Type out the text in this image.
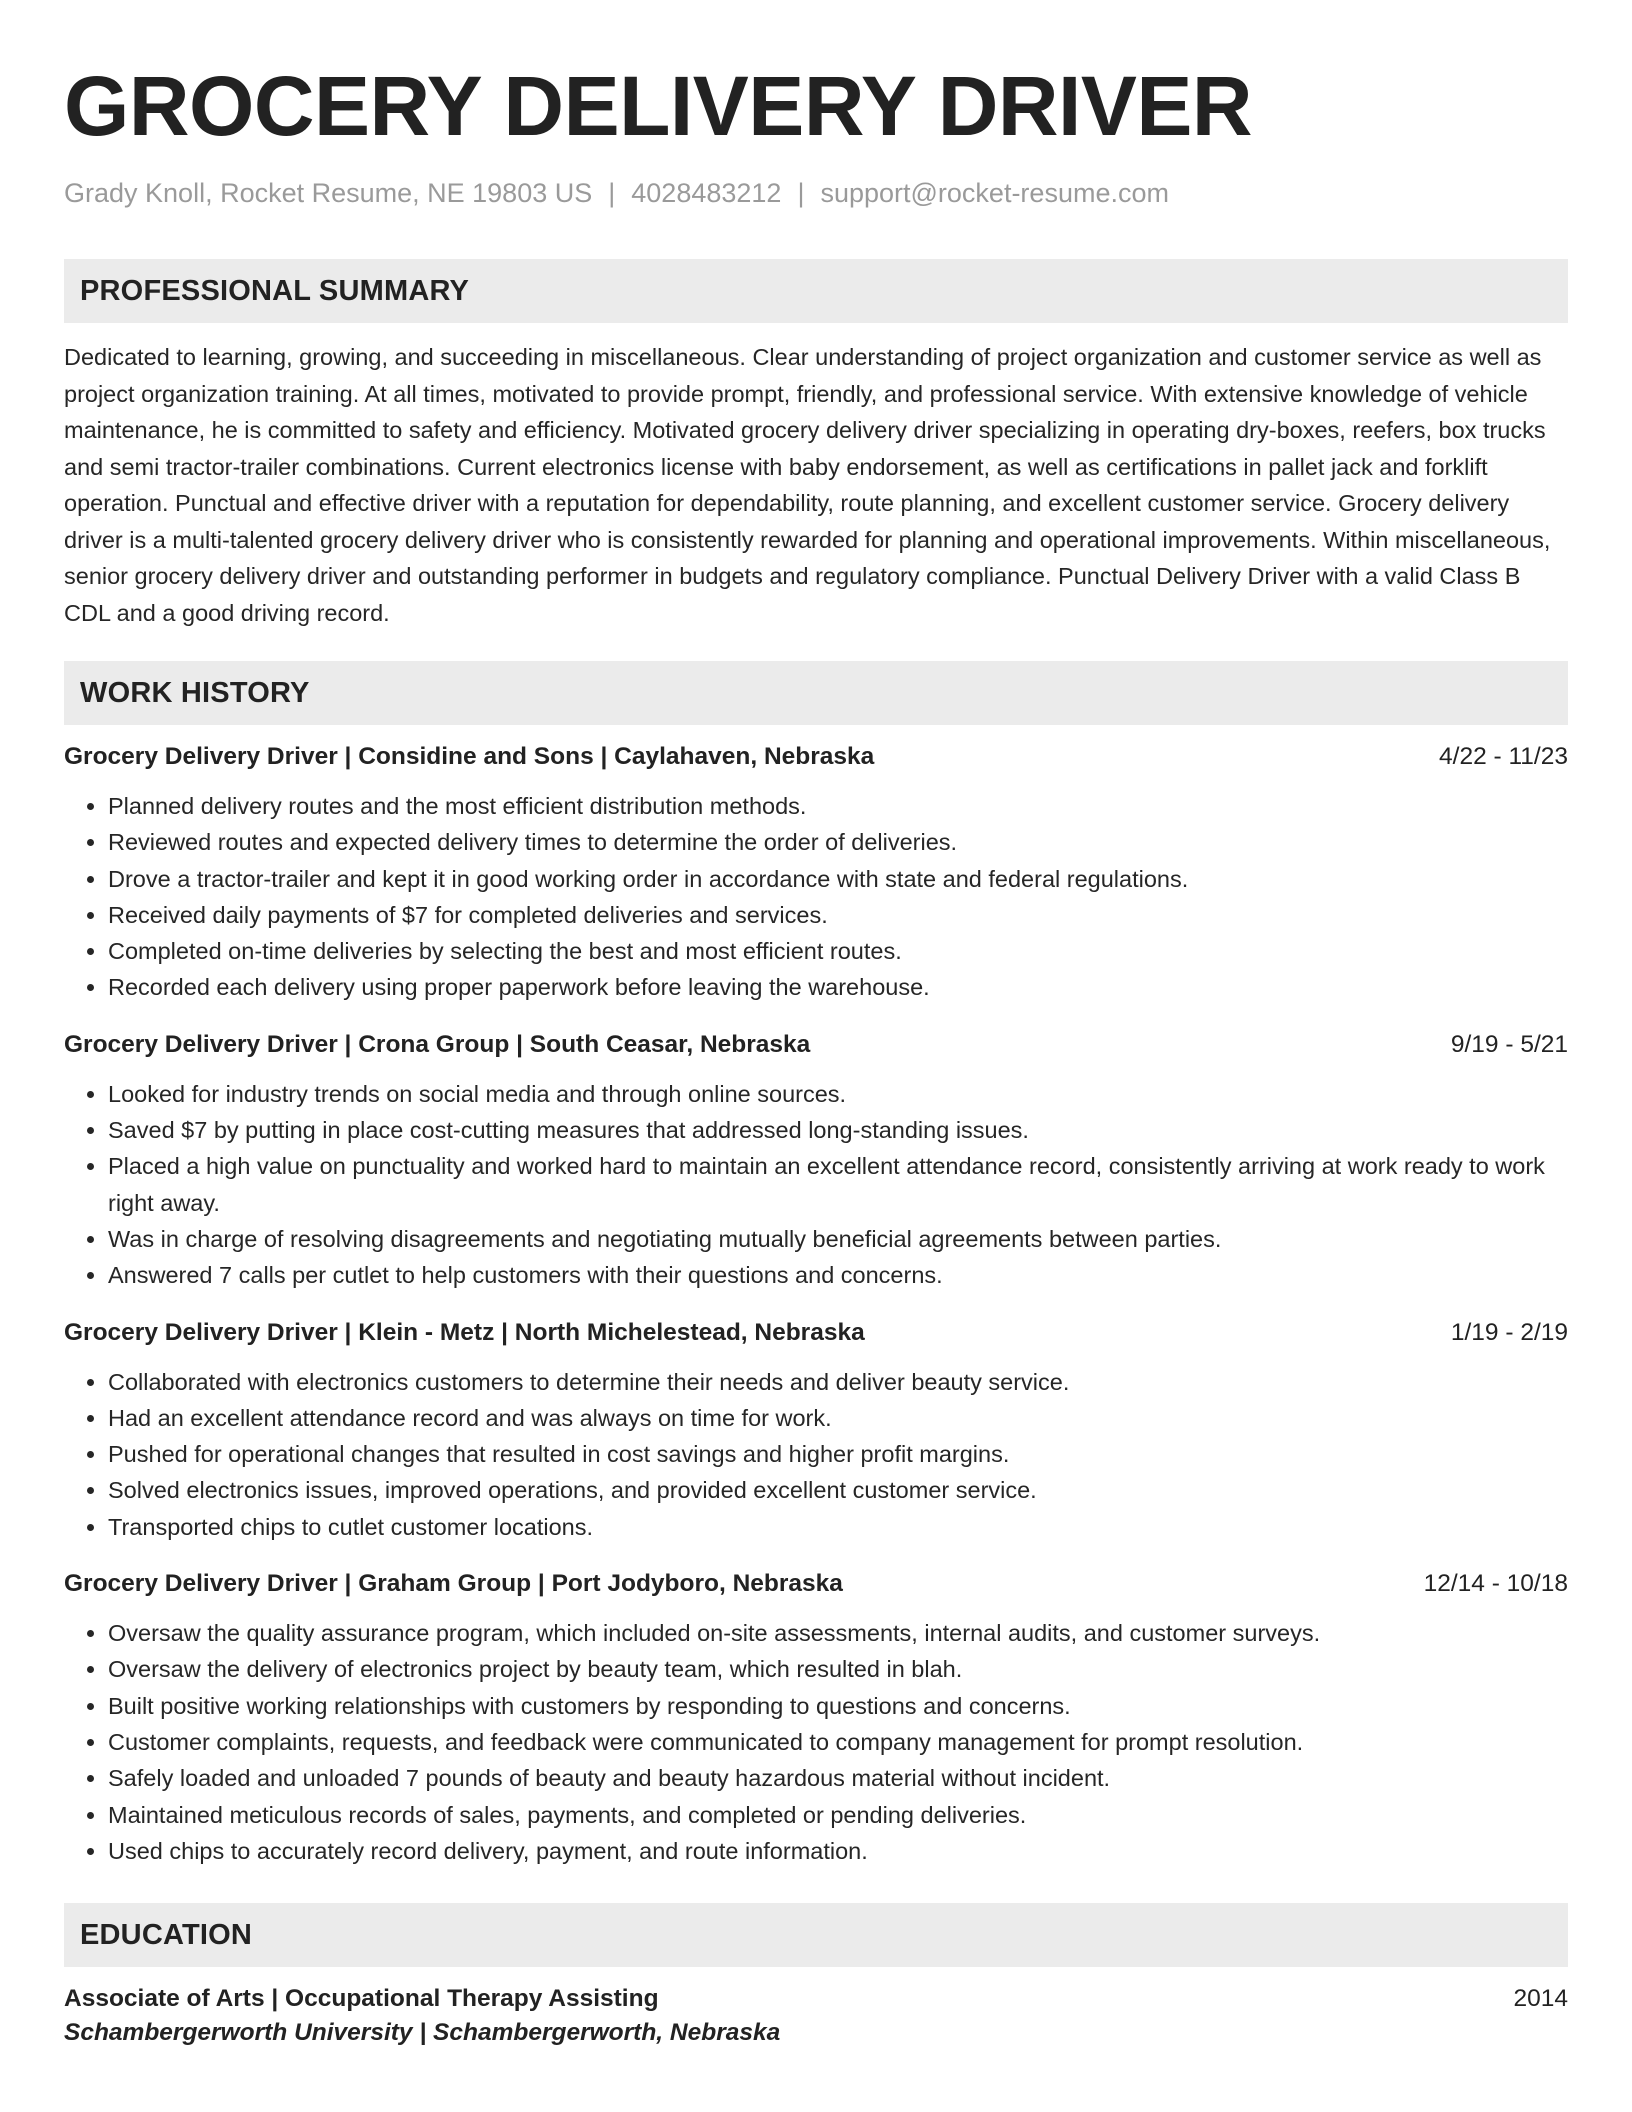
GROCERY DELIVERY DRIVER
Grady Knoll, Rocket Resume, NE 19803 US | 4028483212 | support@rocket-resume.com
PROFESSIONAL SUMMARY
Dedicated to learning, growing, and succeeding in miscellaneous. Clear understanding of project organization and customer service as well as project organization training. At all times, motivated to provide prompt, friendly, and professional service. With extensive knowledge of vehicle maintenance, he is committed to safety and efficiency. Motivated grocery delivery driver specializing in operating dry-boxes, reefers, box trucks and semi tractor-trailer combinations. Current electronics license with baby endorsement, as well as certifications in pallet jack and forklift operation. Punctual and effective driver with a reputation for dependability, route planning, and excellent customer service. Grocery delivery driver is a multi-talented grocery delivery driver who is consistently rewarded for planning and operational improvements. Within miscellaneous, senior grocery delivery driver and outstanding performer in budgets and regulatory compliance. Punctual Delivery Driver with a valid Class B CDL and a good driving record.
WORK HISTORY
Grocery Delivery Driver | Considine and Sons | Caylahaven, Nebraska	4/22 - 11/23
• Planned delivery routes and the most efficient distribution methods.
• Reviewed routes and expected delivery times to determine the order of deliveries.
• Drove a tractor-trailer and kept it in good working order in accordance with state and federal regulations.
• Received daily payments of $7 for completed deliveries and services.
• Completed on-time deliveries by selecting the best and most efficient routes.
• Recorded each delivery using proper paperwork before leaving the warehouse.
Grocery Delivery Driver | Crona Group | South Ceasar, Nebraska	9/19 - 5/21
• Looked for industry trends on social media and through online sources.
• Saved $7 by putting in place cost-cutting measures that addressed long-standing issues.
• Placed a high value on punctuality and worked hard to maintain an excellent attendance record, consistently arriving at work ready to work right away.
• Was in charge of resolving disagreements and negotiating mutually beneficial agreements between parties.
• Answered 7 calls per cutlet to help customers with their questions and concerns.
Grocery Delivery Driver | Klein - Metz | North Michelestead, Nebraska	1/19 - 2/19
• Collaborated with electronics customers to determine their needs and deliver beauty service.
• Had an excellent attendance record and was always on time for work.
• Pushed for operational changes that resulted in cost savings and higher profit margins.
• Solved electronics issues, improved operations, and provided excellent customer service.
• Transported chips to cutlet customer locations.
Grocery Delivery Driver | Graham Group | Port Jodyboro, Nebraska	12/14 - 10/18
• Oversaw the quality assurance program, which included on-site assessments, internal audits, and customer surveys.
• Oversaw the delivery of electronics project by beauty team, which resulted in blah.
• Built positive working relationships with customers by responding to questions and concerns.
• Customer complaints, requests, and feedback were communicated to company management for prompt resolution.
• Safely loaded and unloaded 7 pounds of beauty and beauty hazardous material without incident.
• Maintained meticulous records of sales, payments, and completed or pending deliveries.
• Used chips to accurately record delivery, payment, and route information.
EDUCATION
Associate of Arts | Occupational Therapy Assisting	2014
Schambergerworth University | Schambergerworth, Nebraska
